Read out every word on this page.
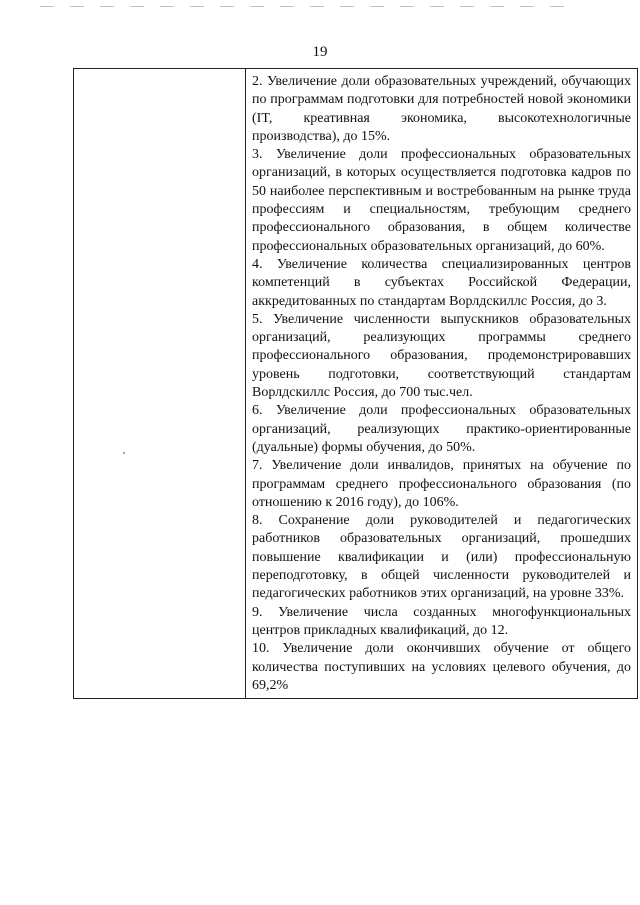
19

2. Увеличение доли образовательных учреждений, обучающих по программам подготовки для потребностей новой экономики (IT, креативная экономика, высокотехнологичные производства), до 15%.

3. Увеличение доли профессиональных образовательных организаций, в которых осуществляется подготовка кадров по 50 наиболее перспективным и востребованным на рынке труда профессиям и специальностям, требующим среднего профессионального образования, в общем количестве профессиональных образовательных организаций, до 60%.

4. Увеличение количества специализированных центров компетенций в субъектах Российской Федерации, аккредитованных по стандартам Ворлдскиллс Россия, до 3.

5. Увеличение численности выпускников образовательных организаций, реализующих программы среднего профессионального образования, продемонстрировавших уровень подготовки, соответствующий стандартам Ворлдскиллс Россия, до 700 тыс.чел.

6. Увеличение доли профессиональных образовательных организаций, реализующих практико-ориентированные (дуальные) формы обучения, до 50%.

7. Увеличение доли инвалидов, принятых на обучение по программам среднего профессионального образования (по отношению к 2016 году), до 106%.

8. Сохранение доли руководителей и педагогических работников образовательных организаций, прошедших повышение квалификации и (или) профессиональную переподготовку, в общей численности руководителей и педагогических работников этих организаций, на уровне 33%.

9. Увеличение числа созданных многофункциональных центров прикладных квалификаций, до 12.

10. Увеличение доли окончивших обучение от общего количества поступивших на условиях целевого обучения, до 69,2%
